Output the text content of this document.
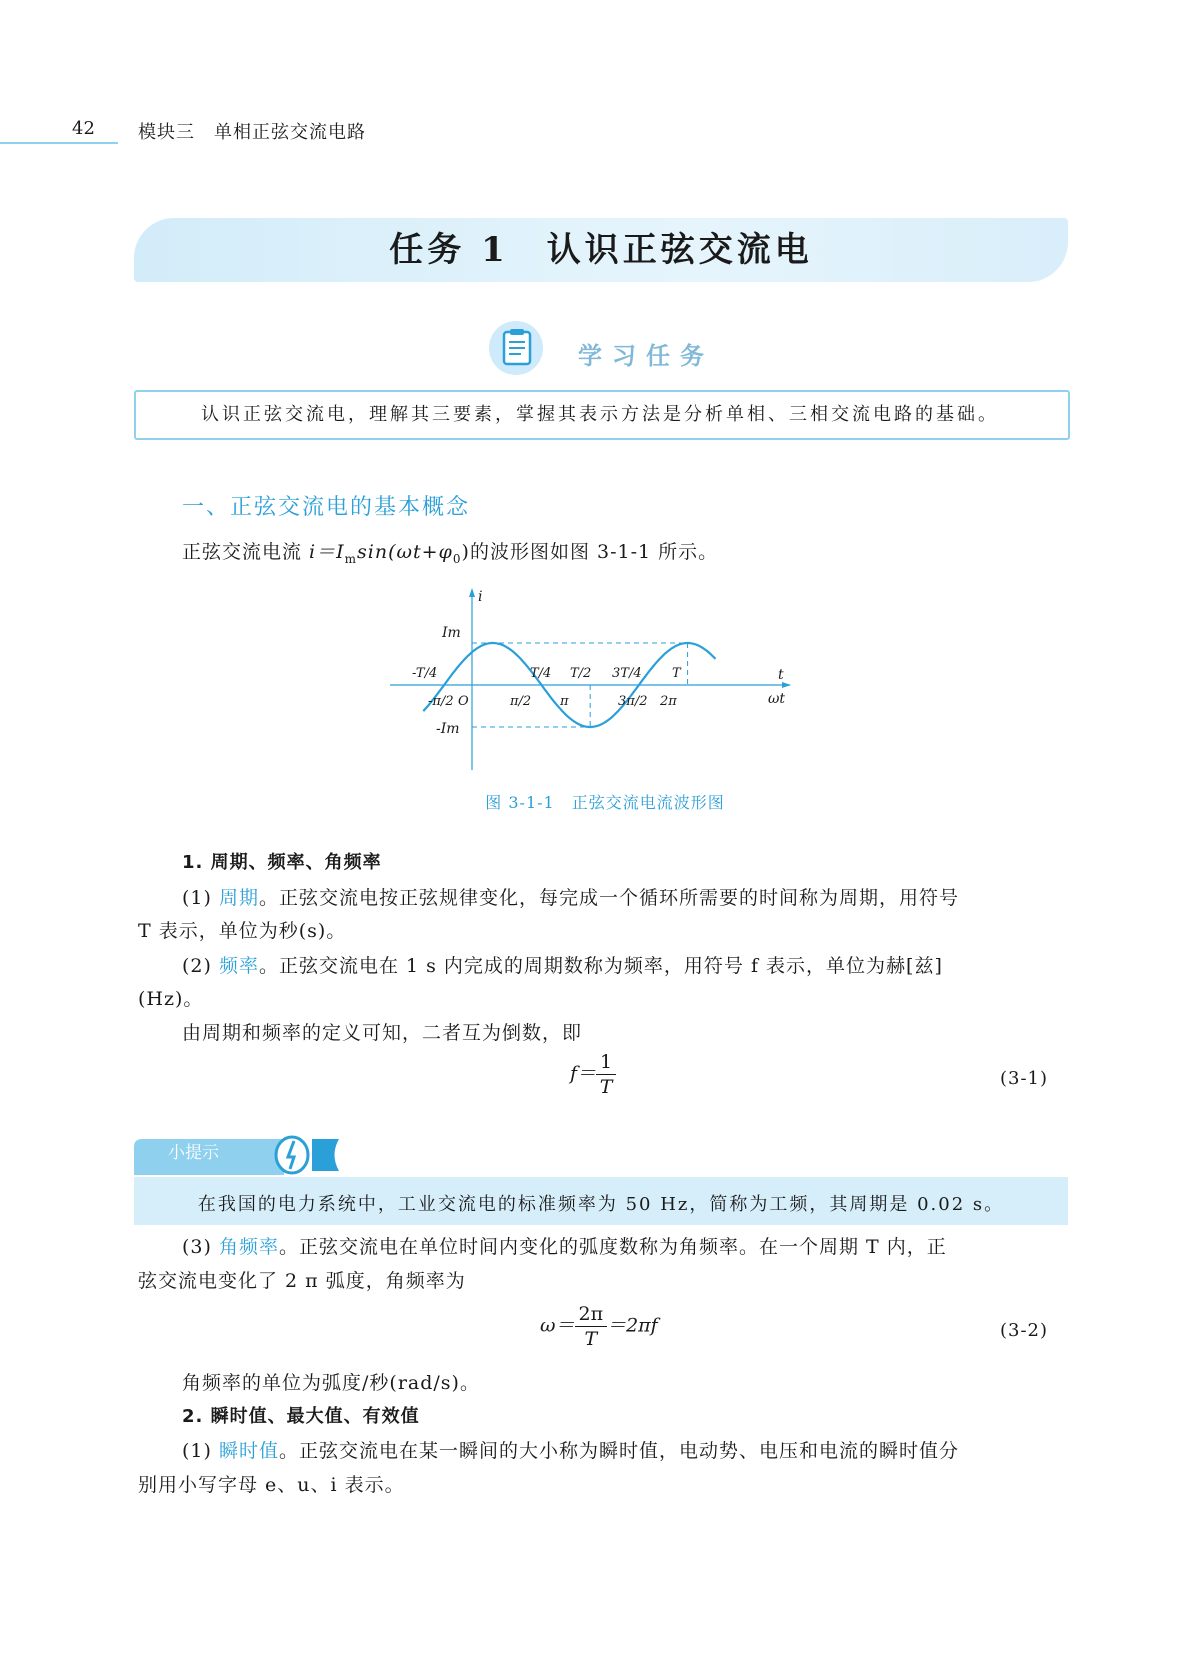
42 模块三　单相正弦交流电路
任务 1　认识正弦交流电
学习任务
认识正弦交流电，理解其三要素，掌握其表示方法是分析单相、三相交流电路的基础。
一、正弦交流电的基本概念
正弦交流电流 $i=I_m\sin(\omega t+\varphi_0)$的波形图如图 3-1-1 所示。
i
t
ωt
Im
-Im
-T/4	T/4 T/2 3T/4 T
-π/2 O	π/2 π	3π/2 2π
图 3-1-1　正弦交流电流波形图
1. 周期、频率、角频率
(1) 周期。正弦交流电按正弦规律变化，每完成一个循环所需要的时间称为周期，用符号
T 表示，单位为秒(s)。
(2) 频率。正弦交流电在 1 s 内完成的周期数称为频率，用符号 f 表示，单位为赫[兹]
(Hz)。
由周期和频率的定义可知，二者互为倒数，即
$f= \frac{1}{T}$	(3-1)
小提示
在我国的电力系统中，工业交流电的标准频率为 50 Hz，简称为工频，其周期是 0.02 s。
(3) 角频率。正弦交流电在单位时间内变化的弧度数称为角频率。在一个周期 T 内，正
弦交流电变化了 2 π 弧度，角频率为
$\omega= \frac{2\pi}{T} =2\pi f$	(3-2)
角频率的单位为弧度/秒(rad/s)。
2. 瞬时值、最大值、有效值
(1) 瞬时值。正弦交流电在某一瞬间的大小称为瞬时值，电动势、电压和电流的瞬时值分
别用小写字母 e、u、i 表示。
